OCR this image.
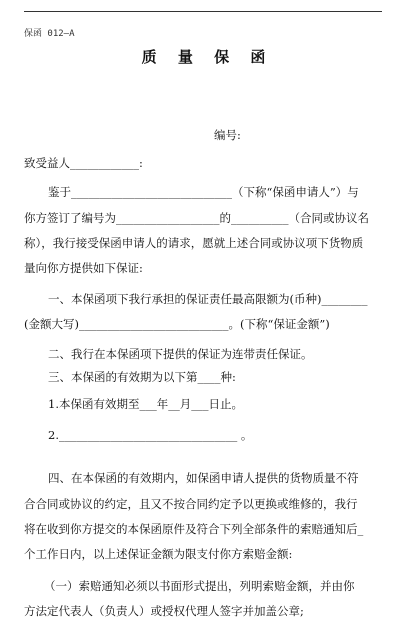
保函 012—A
质 量 保 函
编号:
致受益人____________:
鉴于____________________________（下称“保函申请人”）与
你方签订了编号为__________________的__________（合同或协议名
称），我行接受保函申请人的请求，愿就上述合同或协议项下货物质
量向你方提供如下保证:
一、本保函项下我行承担的保证责任最高限额为(币种)________
(金额大写)__________________________。(下称“保证金额”)
二、我行在本保函项下提供的保证为连带责任保证。
三、本保函的有效期为以下第____种:
1.本保函有效期至___年__月___日止。
2._______________________________ 。
四、在本保函的有效期内，如保函申请人提供的货物质量不符
合合同或协议的约定，且又不按合同约定予以更换或维修的，我行
将在收到你方提交的本保函原件及符合下列全部条件的索赔通知后_
个工作日内，以上述保证金额为限支付你方索赔金额:
（一）索赔通知必须以书面形式提出，列明索赔金额，并由你
方法定代表人（负责人）或授权代理人签字并加盖公章;
